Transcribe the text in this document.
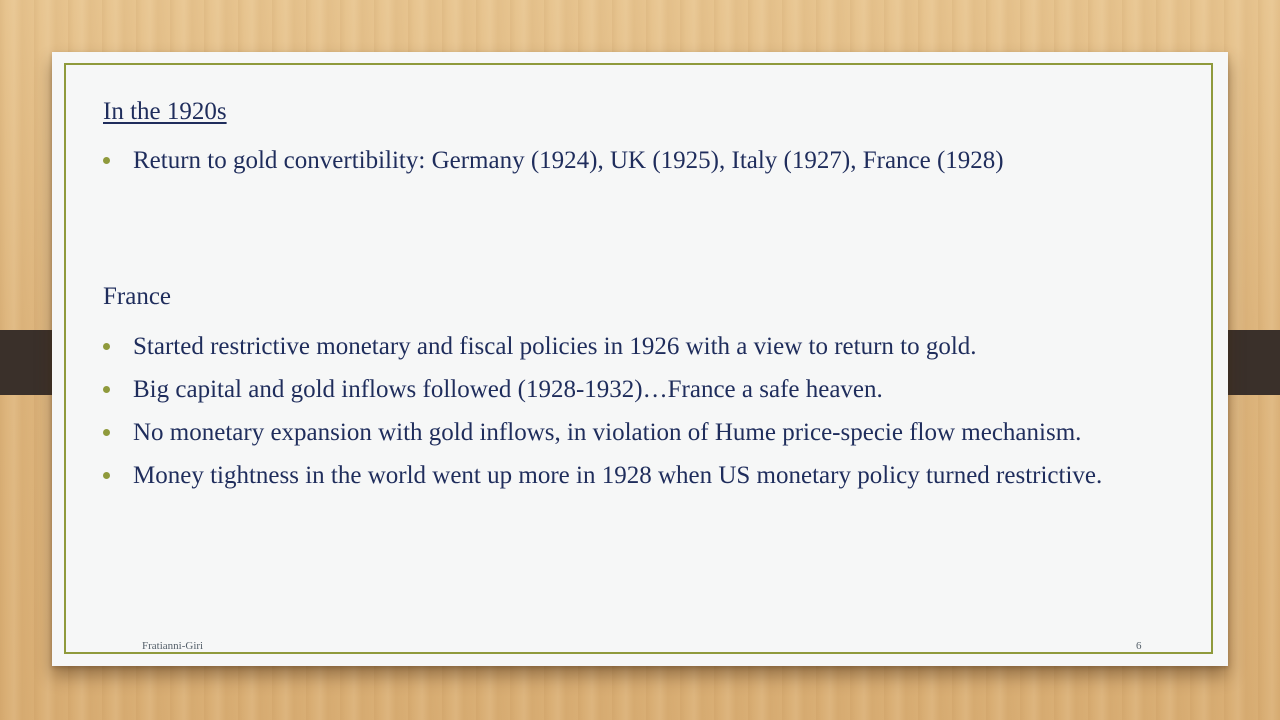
In the 1920s
Return to gold convertibility: Germany (1924), UK (1925), Italy (1927), France (1928)
France
Started restrictive monetary and fiscal policies in 1926 with a view to return to gold.
Big capital and gold inflows followed (1928-1932)…France a safe heaven.
No monetary expansion with gold inflows, in violation of Hume price-specie flow mechanism.
Money tightness in the world went up more in 1928 when US monetary policy turned restrictive.
Fratianni-Giri	6
